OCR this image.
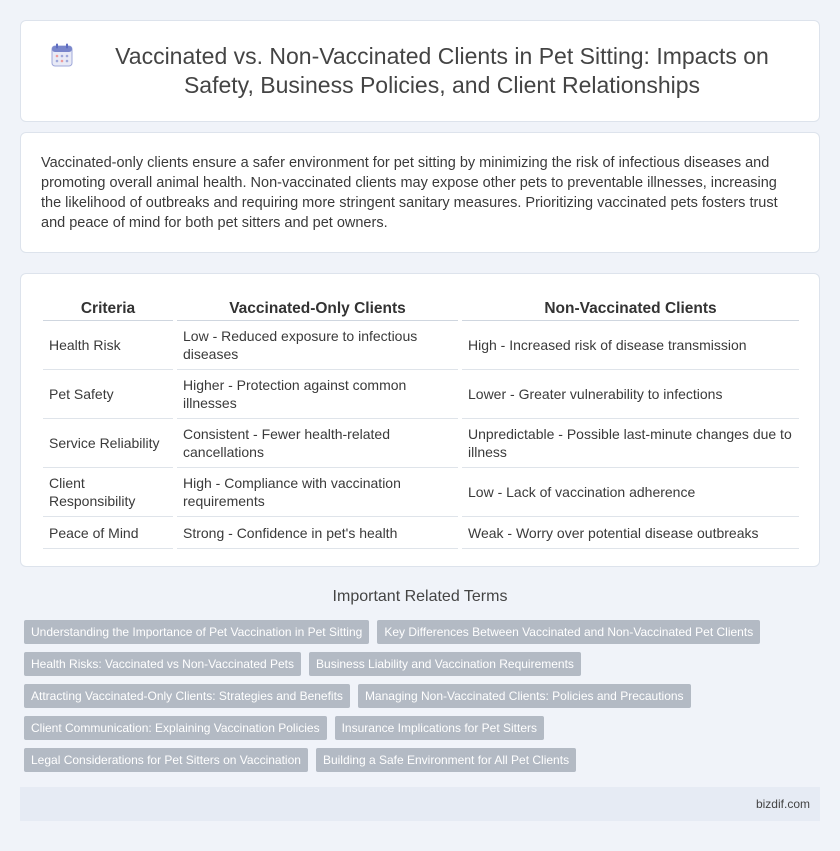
Vaccinated vs. Non-Vaccinated Clients in Pet Sitting: Impacts on Safety, Business Policies, and Client Relationships

Vaccinated-only clients ensure a safer environment for pet sitting by minimizing the risk of infectious diseases and promoting overall animal health. Non-vaccinated clients may expose other pets to preventable illnesses, increasing the likelihood of outbreaks and requiring more stringent sanitary measures. Prioritizing vaccinated pets fosters trust and peace of mind for both pet sitters and pet owners.

Criteria	Vaccinated-Only Clients	Non-Vaccinated Clients
Health Risk	Low - Reduced exposure to infectious diseases	High - Increased risk of disease transmission
Pet Safety	Higher - Protection against common illnesses	Lower - Greater vulnerability to infections
Service Reliability	Consistent - Fewer health-related cancellations	Unpredictable - Possible last-minute changes due to illness
Client Responsibility	High - Compliance with vaccination requirements	Low - Lack of vaccination adherence
Peace of Mind	Strong - Confidence in pet's health	Weak - Worry over potential disease outbreaks
Important Related Terms
Understanding the Importance of Pet Vaccination in Pet Sitting	Key Differences Between Vaccinated and Non-Vaccinated Pet Clients
Health Risks: Vaccinated vs Non-Vaccinated Pets	Business Liability and Vaccination Requirements
Attracting Vaccinated-Only Clients: Strategies and Benefits	Managing Non-Vaccinated Clients: Policies and Precautions
Client Communication: Explaining Vaccination Policies	Insurance Implications for Pet Sitters
Legal Considerations for Pet Sitters on Vaccination	Building a Safe Environment for All Pet Clients
bizdif.com
